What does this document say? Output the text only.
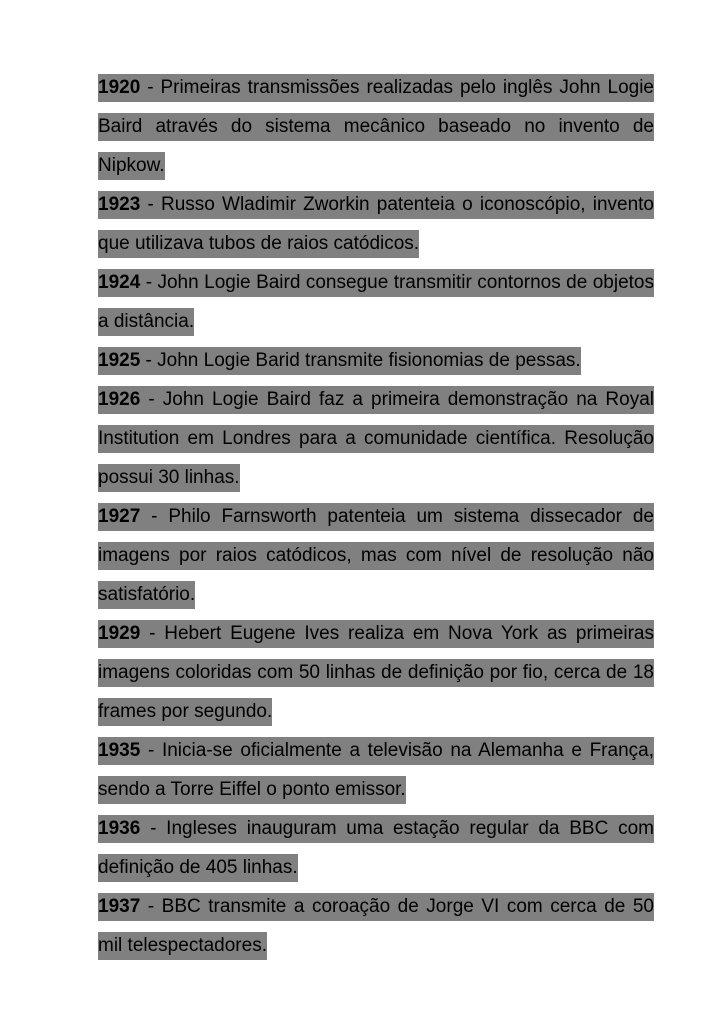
1920 - Primeiras transmissões realizadas pelo inglês John Logie Baird através do sistema mecânico baseado no invento de Nipkow.

1923 - Russo Wladimir Zworkin patenteia o iconoscópio, invento que utilizava tubos de raios catódicos.

1924 - John Logie Baird consegue transmitir contornos de objetos a distância.

1925 - John Logie Barid transmite fisionomias de pessas.

1926 - John Logie Baird faz a primeira demonstração na Royal Institution em Londres para a comunidade científica. Resolução possui 30 linhas.

1927 - Philo Farnsworth patenteia um sistema dissecador de imagens por raios catódicos, mas com nível de resolução não satisfatório.

1929 - Hebert Eugene Ives realiza em Nova York as primeiras imagens coloridas com 50 linhas de definição por fio, cerca de 18 frames por segundo.

1935 - Inicia-se oficialmente a televisão na Alemanha e França, sendo a Torre Eiffel o ponto emissor.

1936 - Ingleses inauguram uma estação regular da BBC com definição de 405 linhas.

1937 - BBC transmite a coroação de Jorge VI com cerca de 50 mil telespectadores.
